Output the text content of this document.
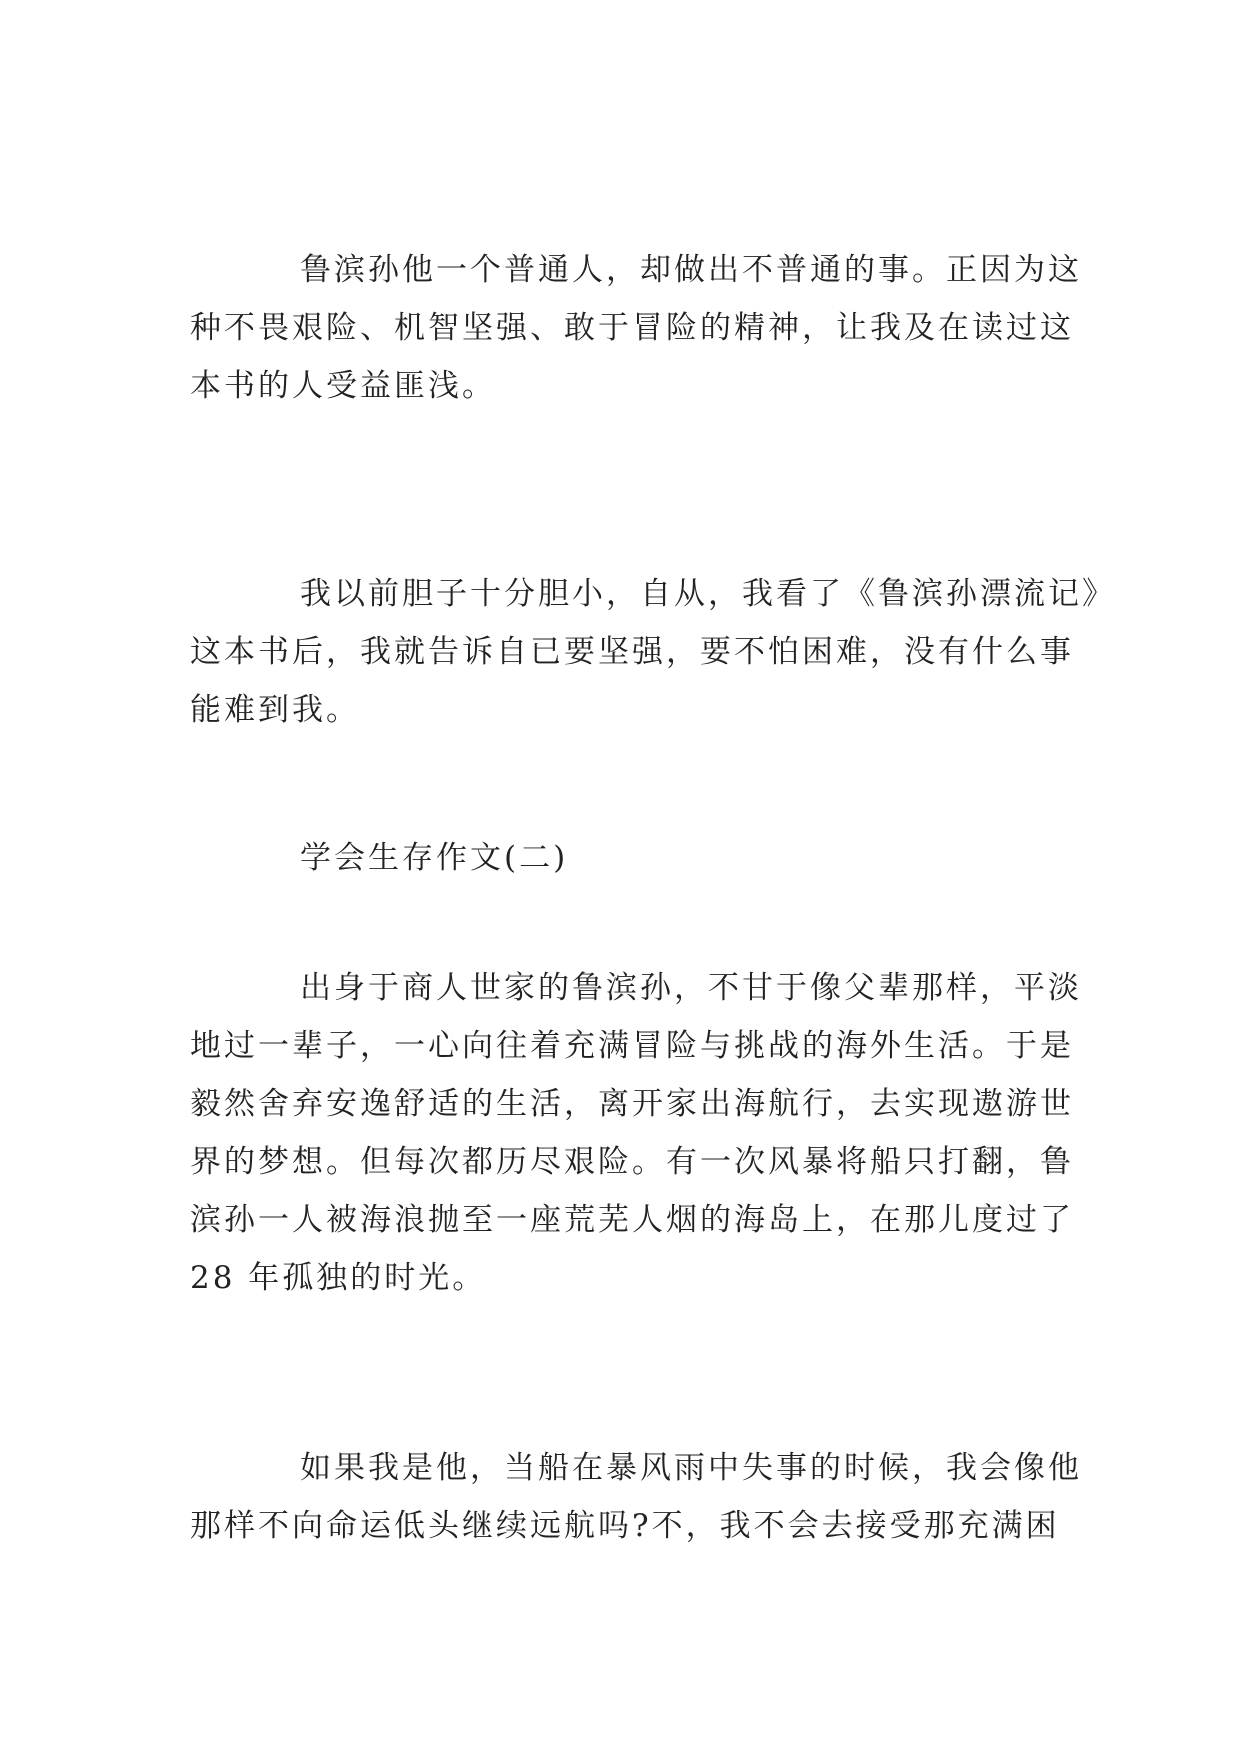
鲁滨孙他一个普通人，却做出不普通的事。正因为这
种不畏艰险、机智坚强、敢于冒险的精神，让我及在读过这
本书的人受益匪浅。
我以前胆子十分胆小，自从，我看了《鲁滨孙漂流记》
这本书后，我就告诉自已要坚强，要不怕困难，没有什么事
能难到我。
学会生存作文(二)
出身于商人世家的鲁滨孙，不甘于像父辈那样，平淡
地过一辈子，一心向往着充满冒险与挑战的海外生活。于是
毅然舍弃安逸舒适的生活，离开家出海航行，去实现遨游世
界的梦想。但每次都历尽艰险。有一次风暴将船只打翻，鲁
滨孙一人被海浪抛至一座荒芜人烟的海岛上，在那儿度过了
28 年孤独的时光。
如果我是他，当船在暴风雨中失事的时候，我会像他
那样不向命运低头继续远航吗?不，我不会去接受那充满困
